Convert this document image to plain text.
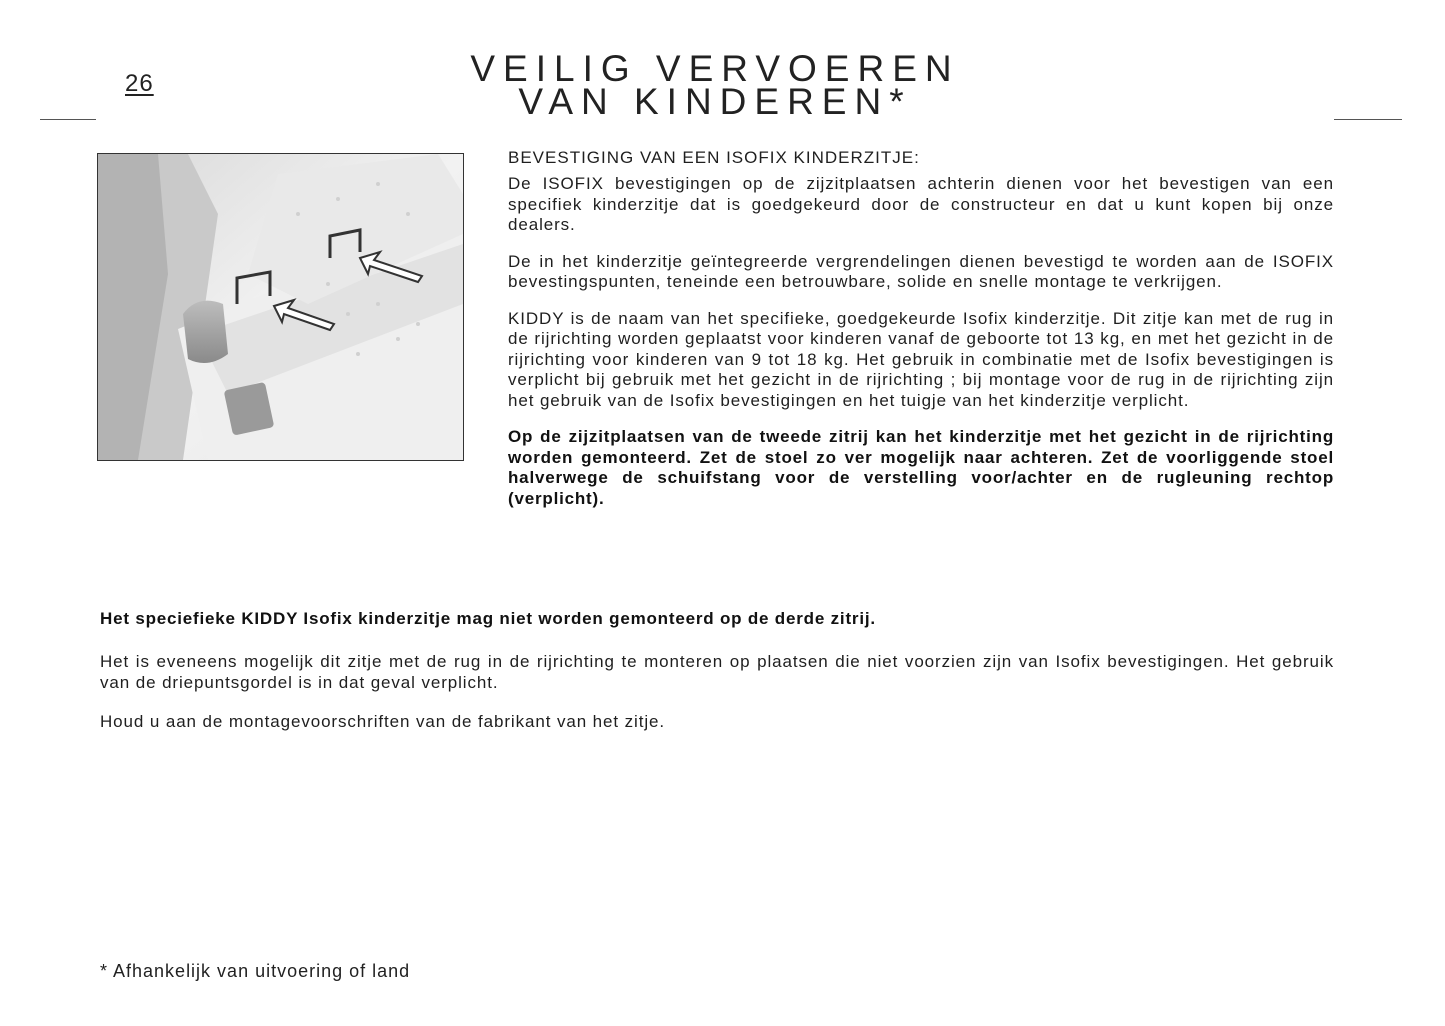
26	VEILIG VERVOEREN
VAN KINDEREN*

BEVESTIGING VAN EEN ISOFIX KINDERZITJE:

De ISOFIX bevestigingen op de zijzitplaatsen achterin dienen voor het bevestigen van een specifiek kinderzitje dat is goedgekeurd door de constructeur en dat u kunt kopen bij onze dealers.

De in het kinderzitje geïntegreerde vergrendelingen dienen bevestigd te worden aan de ISOFIX bevestingspunten, teneinde een betrouwbare, solide en snelle montage te verkrijgen.

KIDDY is de naam van het specifieke, goedgekeurde Isofix kinderzitje. Dit zitje kan met de rug in de rijrichting worden geplaatst voor kinderen vanaf de geboorte tot 13 kg, en met het gezicht in de rijrichting voor kinderen van 9 tot 18 kg. Het gebruik in combinatie met de Isofix bevestigingen is verplicht bij gebruik met het gezicht in de rijrichting ; bij montage voor de rug in de rijrichting zijn het gebruik van de Isofix bevestigingen en het tuigje van het kinderzitje verplicht.

Op de zijzitplaatsen van de tweede zitrij kan het kinderzitje met het gezicht in de rijrichting worden gemonteerd. Zet de stoel zo ver mogelijk naar achteren. Zet de voorliggende stoel halverwege de schuifstang voor de verstelling voor/achter en de rugleuning rechtop (verplicht).

Het speciefieke KIDDY Isofix kinderzitje mag niet worden gemonteerd op de derde zitrij.

Het is eveneens mogelijk dit zitje met de rug in de rijrichting te monteren op plaatsen die niet voorzien zijn van Isofix bevestigingen. Het gebruik van de driepuntsgordel is in dat geval verplicht.

Houd u aan de montagevoorschriften van de fabrikant van het zitje.

* Afhankelijk van uitvoering of land
